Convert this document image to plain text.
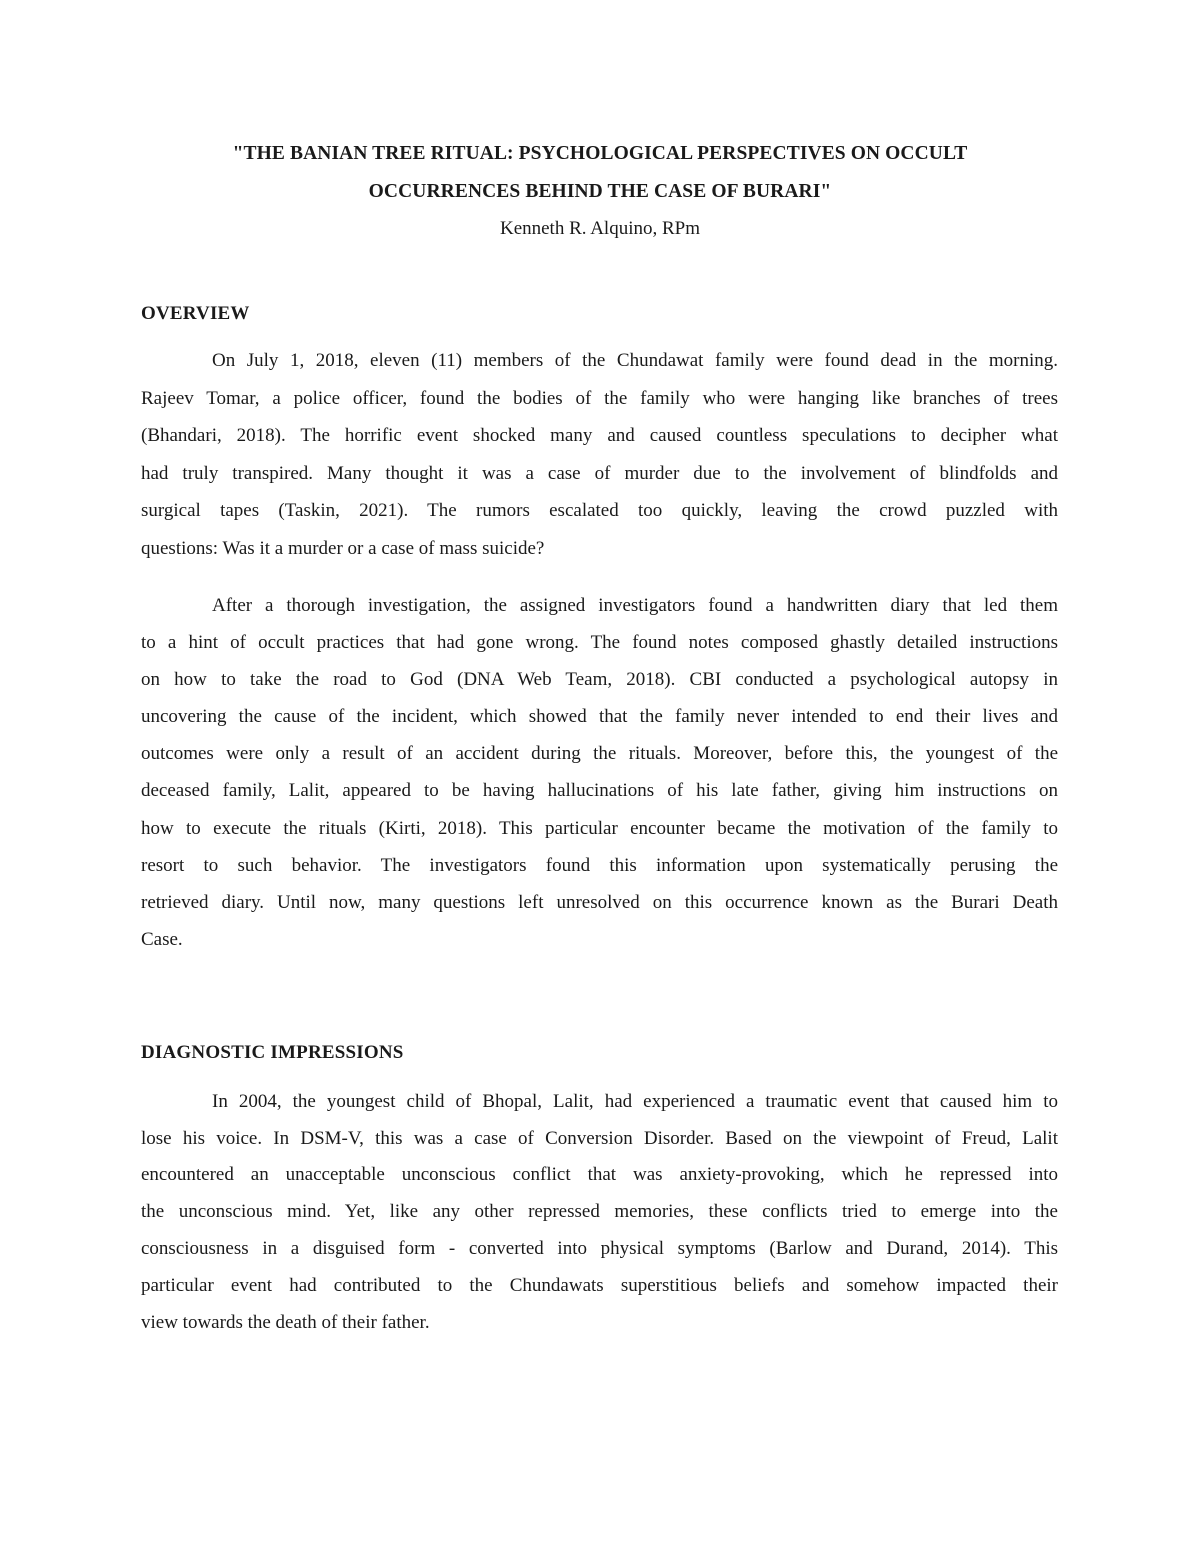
"THE BANIAN TREE RITUAL: PSYCHOLOGICAL PERSPECTIVES ON OCCULT
OCCURRENCES BEHIND THE CASE OF BURARI"
Kenneth R. Alquino, RPm
OVERVIEW
On July 1, 2018, eleven (11) members of the Chundawat family were found dead in the morning.
Rajeev Tomar, a police officer, found the bodies of the family who were hanging like branches of trees
(Bhandari, 2018). The horrific event shocked many and caused countless speculations to decipher what
had truly transpired. Many thought it was a case of murder due to the involvement of blindfolds and
surgical tapes (Taskin, 2021). The rumors escalated too quickly, leaving the crowd puzzled with
questions: Was it a murder or a case of mass suicide?
After a thorough investigation, the assigned investigators found a handwritten diary that led them
to a hint of occult practices that had gone wrong. The found notes composed ghastly detailed instructions
on how to take the road to God (DNA Web Team, 2018). CBI conducted a psychological autopsy in
uncovering the cause of the incident, which showed that the family never intended to end their lives and
outcomes were only a result of an accident during the rituals. Moreover, before this, the youngest of the
deceased family, Lalit, appeared to be having hallucinations of his late father, giving him instructions on
how to execute the rituals (Kirti, 2018). This particular encounter became the motivation of the family to
resort to such behavior. The investigators found this information upon systematically perusing the
retrieved diary. Until now, many questions left unresolved on this occurrence known as the Burari Death
Case.
DIAGNOSTIC IMPRESSIONS
In 2004, the youngest child of Bhopal, Lalit, had experienced a traumatic event that caused him to
lose his voice. In DSM-V, this was a case of Conversion Disorder. Based on the viewpoint of Freud, Lalit
encountered an unacceptable unconscious conflict that was anxiety-provoking, which he repressed into
the unconscious mind. Yet, like any other repressed memories, these conflicts tried to emerge into the
consciousness in a disguised form - converted into physical symptoms (Barlow and Durand, 2014). This
particular event had contributed to the Chundawats superstitious beliefs and somehow impacted their
view towards the death of their father.
